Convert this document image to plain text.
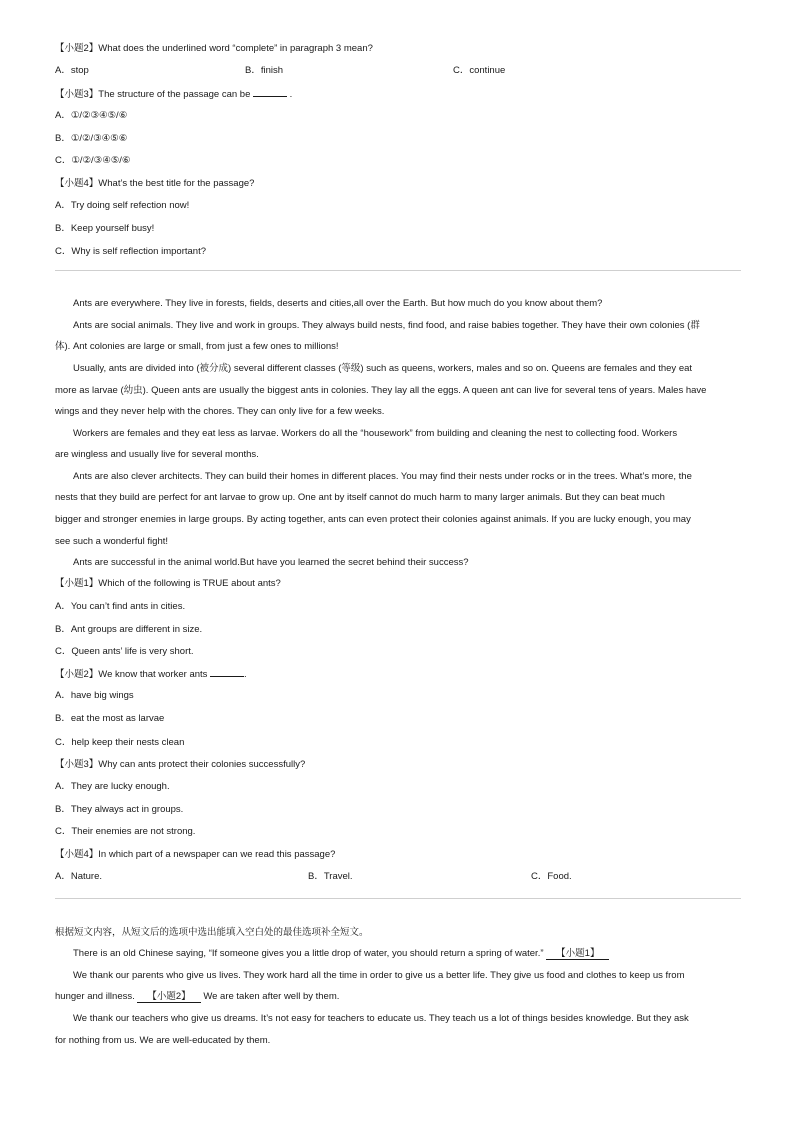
【小题2】What does the underlined word “complete” in paragraph 3 mean?
A．stop	B．finish	C．continue
【小题3】The structure of the passage can be	.
A．①/②③④⑤/⑥
B．①/②/③④⑤⑥
C．①/②/③④⑤/⑥
【小题4】What’s the best title for the passage?
A．Try doing self refection now!
B．Keep yourself busy!
C．Why is self reflection important?
Ants are everywhere. They live in forests, fields, deserts and cities,all over the Earth. But how much do you know about them?
Ants are social animals. They live and work in groups. They always build nests, find food, and raise babies together. They have their own colonies (群
体). Ant colonies are large or small, from just a few ones to millions!
Usually, ants are divided into (被分成) several different classes (等级) such as queens, workers, males and so on. Queens are females and they eat
more as larvae (幼虫). Queen ants are usually the biggest ants in colonies. They lay all the eggs. A queen ant can live for several tens of years. Males have
wings and they never help with the chores. They can only live for a few weeks.
Workers are females and they eat less as larvae. Workers do all the “housework” from building and cleaning the nest to collecting food. Workers
are wingless and usually live for several months.
Ants are also clever architects. They can build their homes in different places. You may find their nests under rocks or in the trees. What’s more, the
nests that they build are perfect for ant larvae to grow up. One ant by itself cannot do much harm to many larger animals. But they can beat much
bigger and stronger enemies in large groups. By acting together, ants can even protect their colonies against animals. If you are lucky enough, you may
see such a wonderful fight!
Ants are successful in the animal world.But have you learned the secret behind their success?
【小题1】Which of the following is TRUE about ants?
A．You can’t find ants in cities.
B．Ant groups are different in size.
C．Queen ants’ life is very short.
【小题2】We know that worker ants	.
A．have big wings
B．eat the most as larvae
C．help keep their nests clean
【小题3】Why can ants protect their colonies successfully?
A．They are lucky enough.
B．They always act in groups.
C．Their enemies are not strong.
【小题4】In which part of a newspaper can we read this passage?
A．Nature.	B．Travel.	C．Food.
根据短文内容，从短文后的选项中选出能填入空白处的最佳选项补全短文。
There is an old Chinese saying, “If someone gives you a little drop of water, you should return a spring of water.” 【小题1】
We thank our parents who give us lives. They work hard all the time in order to give us a better life. They give us food and clothes to keep us from
hunger and illness. 【小题2】 We are taken after well by them.
We thank our teachers who give us dreams. It’s not easy for teachers to educate us. They teach us a lot of things besides knowledge. But they ask
for nothing from us. We are well-educated by them.
